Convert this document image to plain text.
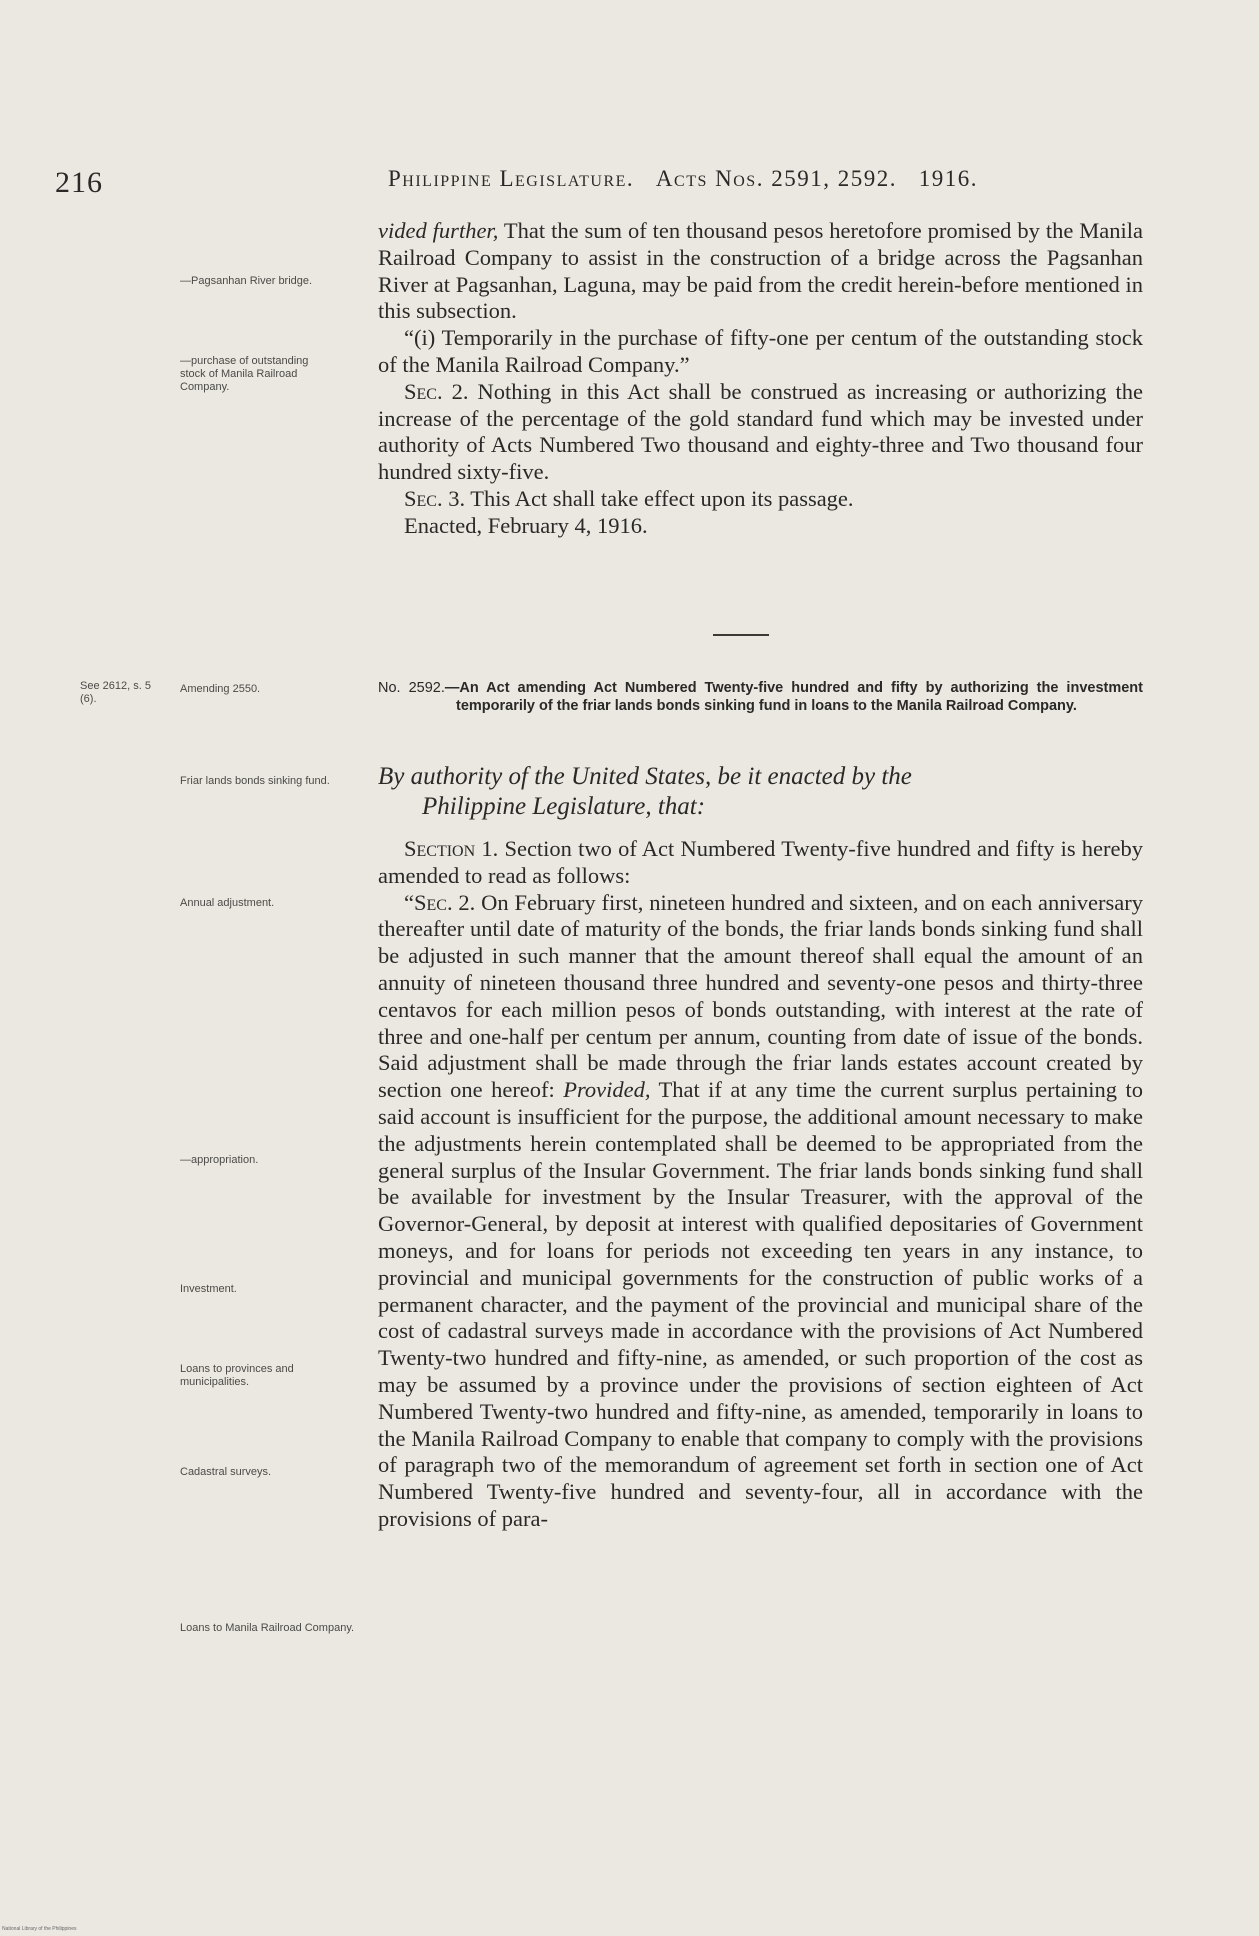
216	Philippine Legislature. Acts Nos. 2591, 2592. 1916.

vided further, That the sum of ten thousand pesos heretofore promised by the Manila Railroad Company to assist in the construction of a bridge across the Pagsanhan River at Pagsanhan, Laguna, may be paid from the credit herein-before mentioned in this subsection.

“(i) Temporarily in the purchase of fifty-one per centum of the outstanding stock of the Manila Railroad Company.”

Sec. 2. Nothing in this Act shall be construed as increasing or authorizing the increase of the percentage of the gold standard fund which may be invested under authority of Acts Numbered Two thousand and eighty-three and Two thousand four hundred sixty-five.

Sec. 3. This Act shall take effect upon its passage.

Enacted, February 4, 1916.

—Pagsanhan River bridge.
—purchase of outstanding stock of Manila Railroad Company.
See 2612, s. 5 (6).
Amending 2550.	No. 2592.—An Act amending Act Numbered Twenty-five hundred and fifty by authorizing the investment temporarily of the friar lands bonds sinking fund in loans to the Manila Railroad Company.
Friar lands bonds sinking fund.	By authority of the United States, be it enacted by the
Philippine Legislature, that:

Section 1. Section two of Act Numbered Twenty-five hundred and fifty is hereby amended to read as follows:

“Sec. 2. On February first, nineteen hundred and sixteen, and on each anniversary thereafter until date of maturity of the bonds, the friar lands bonds sinking fund shall be adjusted in such manner that the amount thereof shall equal the amount of an annuity of nineteen thousand three hundred and seventy-one pesos and thirty-three centavos for each million pesos of bonds outstanding, with interest at the rate of three and one-half per centum per annum, counting from date of issue of the bonds. Said adjustment shall be made through the friar lands estates account created by section one hereof: Provided, That if at any time the current surplus pertaining to said account is insufficient for the purpose, the additional amount necessary to make the adjustments herein contemplated shall be deemed to be appropriated from the general surplus of the Insular Government. The friar lands bonds sinking fund shall be available for investment by the Insular Treasurer, with the approval of the Governor-General, by deposit at interest with qualified depositaries of Government moneys, and for loans for periods not exceeding ten years in any instance, to provincial and municipal governments for the construction of public works of a permanent character, and the payment of the provincial and municipal share of the cost of cadastral surveys made in accordance with the provisions of Act Numbered Twenty-two hundred and fifty-nine, as amended, or such proportion of the cost as may be assumed by a province under the provisions of section eighteen of Act Numbered Twenty-two hundred and fifty-nine, as amended, temporarily in loans to the Manila Railroad Company to enable that company to comply with the provisions of paragraph two of the memorandum of agreement set forth in section one of Act Numbered Twenty-five hundred and seventy-four, all in accordance with the provisions of para-

Annual adjustment.
—appropriation.
Investment.
Loans to provinces and municipalities.
Cadastral surveys.
Loans to Manila Railroad Company.
National Library of the Philippines
